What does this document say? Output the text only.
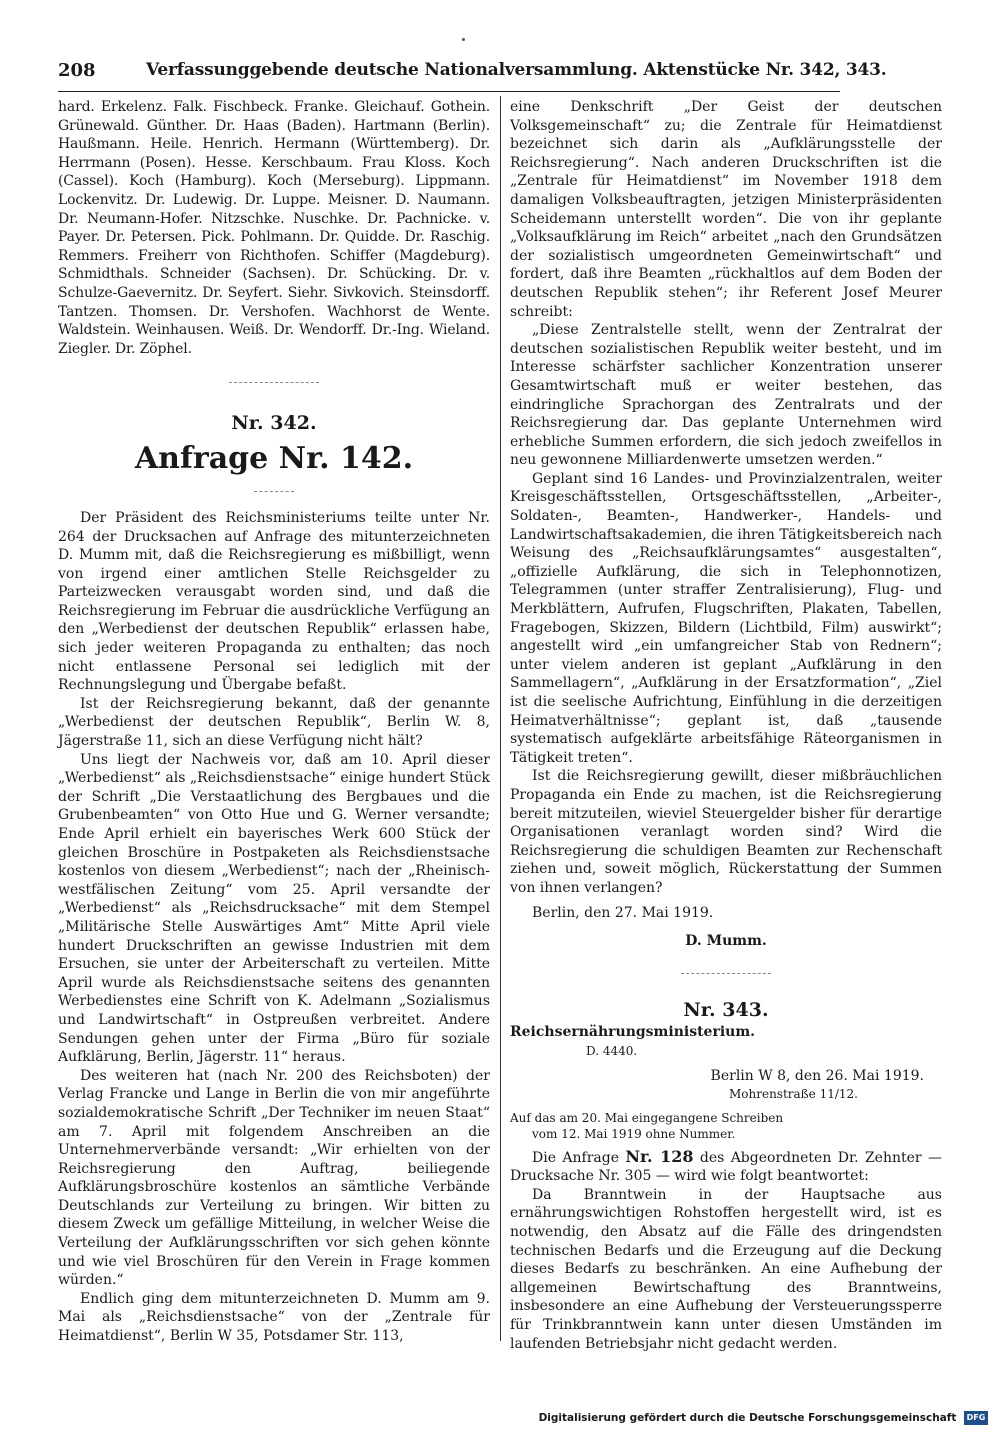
208	Verfassunggebende deutsche Nationalversammlung. Aktenstücke Nr. 342, 343.

hard. Erkelenz. Falk. Fischbeck. Franke. Gleichauf. Gothein. Grünewald. Günther. Dr. Haas (Baden). Hartmann (Berlin). Haußmann. Heile. Henrich. Hermann (Württemberg). Dr. Herrmann (Posen). Hesse. Kerschbaum. Frau Kloss. Koch (Cassel). Koch (Hamburg). Koch (Merseburg). Lippmann. Lockenvitz. Dr. Ludewig. Dr. Luppe. Meisner. D. Naumann. Dr. Neumann-Hofer. Nitzschke. Nuschke. Dr. Pachnicke. v. Payer. Dr. Petersen. Pick. Pohlmann. Dr. Quidde. Dr. Raschig. Remmers. Freiherr von Richthofen. Schiffer (Magdeburg). Schmidthals. Schneider (Sachsen). Dr. Schücking. Dr. v. Schulze-Gaevernitz. Dr. Seyfert. Siehr. Sivkovich. Steinsdorff. Tantzen. Thomsen. Dr. Vershofen. Wachhorst de Wente. Waldstein. Weinhausen. Weiß. Dr. Wendorff. Dr.-Ing. Wieland. Ziegler. Dr. Zöphel.

Nr. 342.
Anfrage Nr. 142.

Der Präsident des Reichsministeriums teilte unter Nr. 264 der Drucksachen auf Anfrage des mitunterzeichneten D. Mumm mit, daß die Reichsregierung es mißbilligt, wenn von irgend einer amtlichen Stelle Reichsgelder zu Parteizwecken verausgabt worden sind, und daß die Reichsregierung im Februar die ausdrückliche Verfügung an den „Werbedienst der deutschen Republik“ erlassen habe, sich jeder weiteren Propaganda zu enthalten; das noch nicht entlassene Personal sei lediglich mit der Rechnungslegung und Übergabe befaßt.

Ist der Reichsregierung bekannt, daß der genannte „Werbedienst der deutschen Republik“, Berlin W. 8, Jägerstraße 11, sich an diese Verfügung nicht hält?

Uns liegt der Nachweis vor, daß am 10. April dieser „Werbedienst“ als „Reichsdienstsache“ einige hundert Stück der Schrift „Die Verstaatlichung des Bergbaues und die Grubenbeamten“ von Otto Hue und G. Werner versandte; Ende April erhielt ein bayerisches Werk 600 Stück der gleichen Broschüre in Postpaketen als Reichsdienstsache kostenlos von diesem „Werbedienst“; nach der „Rheinisch-westfälischen Zeitung“ vom 25. April versandte der „Werbedienst“ als „Reichsdrucksache“ mit dem Stempel „Militärische Stelle Auswärtiges Amt“ Mitte April viele hundert Druckschriften an gewisse Industrien mit dem Ersuchen, sie unter der Arbeiterschaft zu verteilen. Mitte April wurde als Reichsdienstsache seitens des genannten Werbedienstes eine Schrift von K. Adelmann „Sozialismus und Landwirtschaft“ in Ostpreußen verbreitet. Andere Sendungen gehen unter der Firma „Büro für soziale Aufklärung, Berlin, Jägerstr. 11“ heraus.

Des weiteren hat (nach Nr. 200 des Reichsboten) der Verlag Francke und Lange in Berlin die von mir angeführte sozialdemokratische Schrift „Der Techniker im neuen Staat“ am 7. April mit folgendem Anschreiben an die Unternehmerverbände versandt: „Wir erhielten von der Reichsregierung den Auftrag, beiliegende Aufklärungsbroschüre kostenlos an sämtliche Verbände Deutschlands zur Verteilung zu bringen. Wir bitten zu diesem Zweck um gefällige Mitteilung, in welcher Weise die Verteilung der Aufklärungsschriften vor sich gehen könnte und wie viel Broschüren für den Verein in Frage kommen würden.“

Endlich ging dem mitunterzeichneten D. Mumm am 9. Mai als „Reichsdienstsache“ von der „Zentrale für Heimatdienst“, Berlin W 35, Potsdamer Str. 113,

eine Denkschrift „Der Geist der deutschen Volksgemeinschaft“ zu; die Zentrale für Heimatdienst bezeichnet sich darin als „Aufklärungsstelle der Reichsregierung“. Nach anderen Druckschriften ist die „Zentrale für Heimatdienst“ im November 1918 dem damaligen Volksbeauftragten, jetzigen Ministerpräsidenten Scheidemann unterstellt worden“. Die von ihr geplante „Volksaufklärung im Reich“ arbeitet „nach den Grundsätzen der sozialistisch umgeordneten Gemeinwirtschaft“ und fordert, daß ihre Beamten „rückhaltlos auf dem Boden der deutschen Republik stehen“; ihr Referent Josef Meurer schreibt:

„Diese Zentralstelle stellt, wenn der Zentralrat der deutschen sozialistischen Republik weiter besteht, und im Interesse schärfster sachlicher Konzentration unserer Gesamtwirtschaft muß er weiter bestehen, das eindringliche Sprachorgan des Zentralrats und der Reichsregierung dar. Das geplante Unternehmen wird erhebliche Summen erfordern, die sich jedoch zweifellos in neu gewonnene Milliardenwerte umsetzen werden.“

Geplant sind 16 Landes- und Provinzialzentralen, weiter Kreisgeschäftsstellen, Ortsgeschäftsstellen, „Arbeiter-, Soldaten-, Beamten-, Handwerker-, Handels- und Landwirtschaftsakademien, die ihren Tätigkeitsbereich nach Weisung des „Reichsaufklärungsamtes“ ausgestalten“, „offizielle Aufklärung, die sich in Telephonnotizen, Telegrammen (unter straffer Zentralisierung), Flug- und Merkblättern, Aufrufen, Flugschriften, Plakaten, Tabellen, Fragebogen, Skizzen, Bildern (Lichtbild, Film) auswirkt“; angestellt wird „ein umfangreicher Stab von Rednern“; unter vielem anderen ist geplant „Aufklärung in den Sammellagern“, „Aufklärung in der Ersatzformation“, „Ziel ist die seelische Aufrichtung, Einfühlung in die derzeitigen Heimatverhältnisse“; geplant ist, daß „tausende systematisch aufgeklärte arbeitsfähige Räteorganismen in Tätigkeit treten“.

Ist die Reichsregierung gewillt, dieser mißbräuchlichen Propaganda ein Ende zu machen, ist die Reichsregierung bereit mitzuteilen, wieviel Steuergelder bisher für derartige Organisationen veranlagt worden sind? Wird die Reichsregierung die schuldigen Beamten zur Rechenschaft ziehen und, soweit möglich, Rückerstattung der Summen von ihnen verlangen?

Berlin, den 27. Mai 1919.

D. Mumm.
Nr. 343.
Reichsernährungsministerium.
D. 4440.
Berlin W 8, den 26. Mai 1919.
Mohrenstraße 11/12.
Auf das am 20. Mai eingegangene Schreiben
vom 12. Mai 1919 ohne Nummer.

Die Anfrage Nr. 128 des Abgeordneten Dr. Zehnter — Drucksache Nr. 305 — wird wie folgt beantwortet:

Da Branntwein in der Hauptsache aus ernährungswichtigen Rohstoffen hergestellt wird, ist es notwendig, den Absatz auf die Fälle des dringendsten technischen Bedarfs und die Erzeugung auf die Deckung dieses Bedarfs zu beschränken. An eine Aufhebung der allgemeinen Bewirtschaftung des Branntweins, insbesondere an eine Aufhebung der Versteuerungssperre für Trinkbranntwein kann unter diesen Umständen im laufenden Betriebsjahr nicht gedacht werden.

Digitalisierung gefördert durch die Deutsche Forschungsgemeinschaft DFG
